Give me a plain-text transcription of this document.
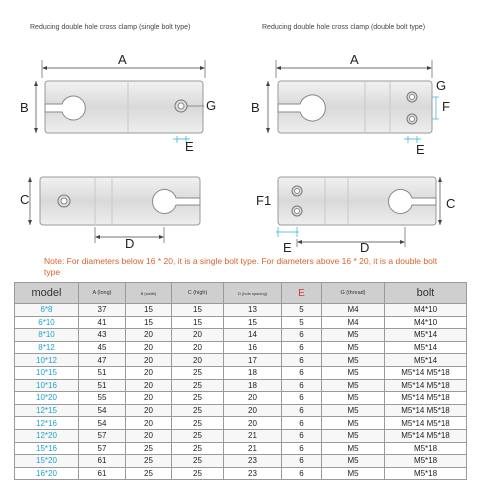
Reducing double hole cross clamp (single bolt type)	Reducing double hole cross clamp (double bolt type)
A
B	G
E
A
B
G
F
E
C
D
F1	C
E	D
Note: For diameters below 16 * 20, it is a single bolt type. For diameters above 16 * 20, it is a double bolt type
model	A (long)	B (width)	C (high)	D (hole spacing)	E	G (thread)	bolt
6*8	37	15	15	13	5	M4	M4*10
6*10	41	15	15	15	5	M4	M4*10
8*10	43	20	20	14	6	M5	M5*14
8*12	45	20	20	16	6	M5	M5*14
10*12	47	20	20	17	6	M5	M5*14
10*15	51	20	25	18	6	M5	M5*14 M5*18
10*16	51	20	25	18	6	M5	M5*14 M5*18
10*20	55	20	25	20	6	M5	M5*14 M5*18
12*15	54	20	25	20	6	M5	M5*14 M5*18
12*16	54	20	25	20	6	M5	M5*14 M5*18
12*20	57	20	25	21	6	M5	M5*14 M5*18
15*16	57	25	25	21	6	M5	M5*18
15*20	61	25	25	23	6	M5	M5*18
16*20	61	25	25	23	6	M5	M5*18
